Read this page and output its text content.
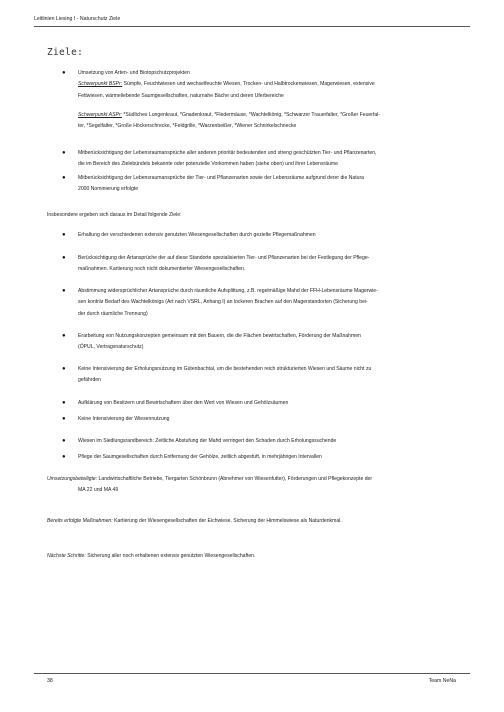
Leitlinien Liesing I - Naturschutz Ziele
Ziele:
● Umsetzung von Arten- und Biotopschutzprojekten
Schwerpunkt BSPr: Sümpfe, Feuchtwiesen und wechselfeuchte Wiesen, Trocken- und Halbtrockenwiesen, Magerwiesen, extensive
Fettwiesen, wärmeliebende Saumgesellschaften, naturnahe Bäche und deren Uferbereiche
Schwerpunkt ASPr: *Südliches Lungenkraut, *Gnadenkraut, *Fledermäuse, *Wachtelkönig, *Schwarzer Trauerfalter, *Großer Feuerfal-
ter, *Segelfalter, *Große Höckerschrecke, *Feldgrille, *Warzenbeißer, *Wiener Schnirkelschnecke
● Mitberücksichtigung der Lebensraumansprüche aller anderen prioritär bedeutenden und streng geschützten Tier- und Pflanzenarten,
die im Bereich des Zielebündels bekannte oder potenzielle Vorkommen haben (siehe oben) und ihrer Lebensräume
● Mitberücksichtigung der Lebensraumansprüche der Tier- und Pflanzenarten sowie der Lebensräume aufgrund derer die Natura
2000 Nominierung erfolgte
Insbesondere ergeben sich daraus im Detail folgende Ziele:
● Erhaltung der verschiedenen extensiv genutzten Wiesengesellschaften durch gezielte Pflegemaßnahmen
● Berücksichtigung der Artansprüche der auf diese Standorte spezialisierten Tier- und Pflanzenarten bei der Festlegung der Pflege-
maßnahmen. Kartierung noch nicht dokumentierter Wiesengesellschaften.
● Abstimmung widersprüchlicher Artansprüche durch räumliche Aufsplittung, z.B. regelmäßige Mahd der FFH-Lebensräume Magerwie-
sen konträr Bedarf des Wachtelkönigs (Art nach VSRL, Anhang I) an lockeren Brachen auf den Magerstandorten (Sicherung bei-
der durch räumliche Trennung)
● Erarbeitung von Nutzungskonzepten gemeinsam mit den Bauern, die die Flächen bewirtschaften, Förderung der Maßnahmen
(ÖPUL, Vertragsnaturschutz)
● Keine Intensivierung der Erholungsnutzung im Gütenbachtal, um die bestehenden reich strukturierten Wiesen und Säume nicht zu
gefährden
● Aufklärung von Besitzern und Bewirtschaftern über den Wert von Wiesen und Gehölzsäumen
● Keine Intensivierung der Wiesennutzung
● Wiesen im Siedlungsrandbereich: Zeitliche Abstufung der Mahd verringert den Schaden durch Erholungssuchende
● Pflege der Saumgesellschaften durch Entfernung der Gehölze, zeitlich abgestuft, in mehrjährigen Intervallen
Umsetzungsbeteiligte: Landwirtschaftliche Betriebe, Tiergarten Schönbrunn (Abnehmer von Wiesenfutter), Förderungen und Pflegekonzepte der
MA 22 und MA 49
Bereits erfolgte Maßnahmen: Kartierung der Wiesengesellschaften der Eichwiese. Sicherung der Himmelswiese als Naturdenkmal.
Nächste Schritte: Sicherung aller noch erhaltenen extensiv genutzten Wiesengesellschaften.
38	Team NeNa
